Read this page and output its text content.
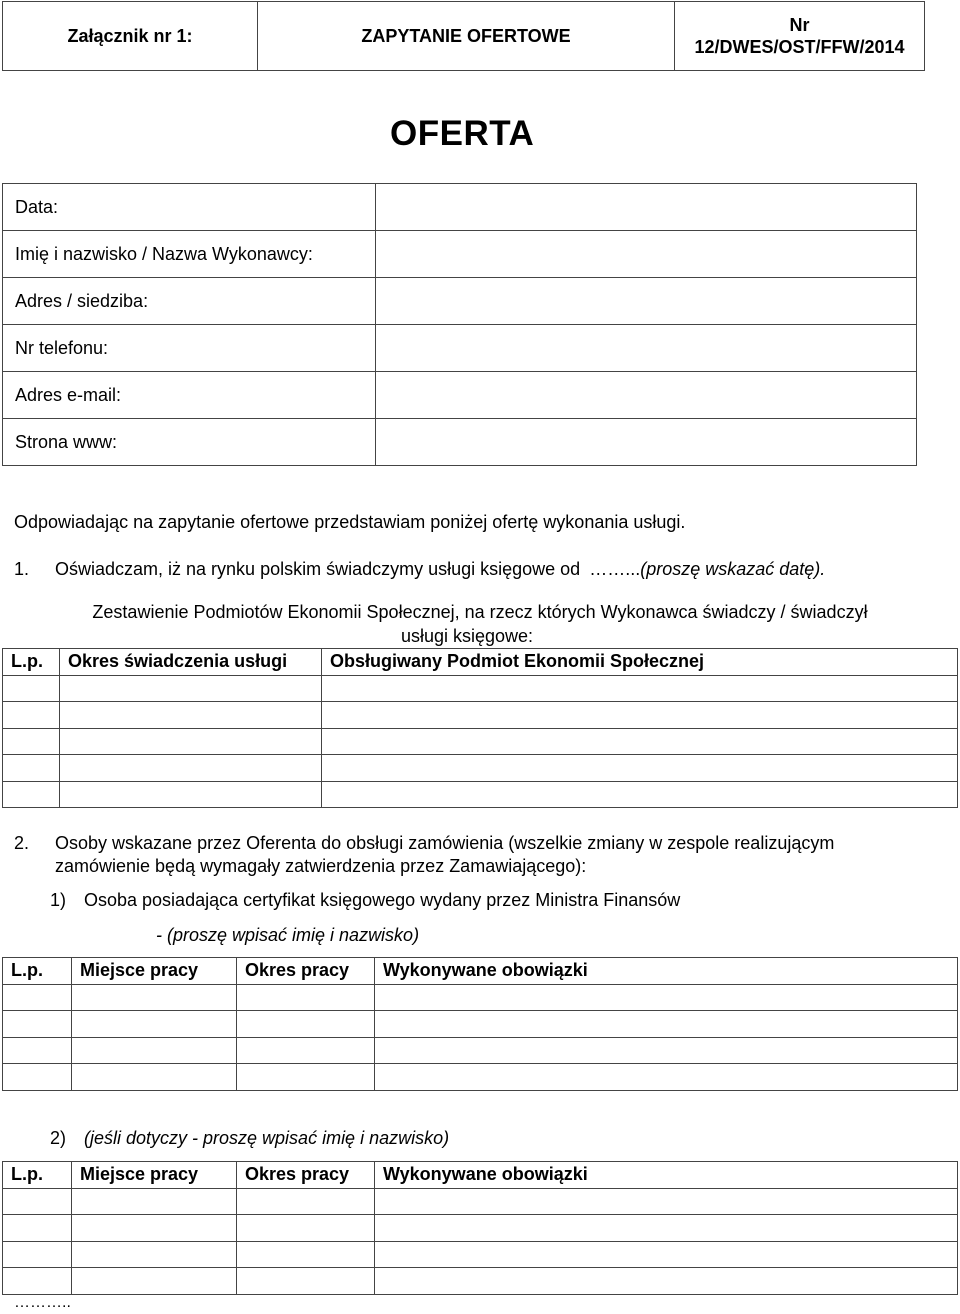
Załącznik nr 1:	ZAPYTANIE OFERTOWE	
Nr
12/DWES/OST/FFW/2014
OFERTA
Data:	
Imię i nazwisko / Nazwa Wykonawcy:	
Adres / siedziba:	
Nr telefonu:	
Adres e-mail:	
Strona www:	
Odpowiadając na zapytanie ofertowe przedstawiam poniżej ofertę wykonania usługi.
1. Oświadczam, iż na rynku polskim świadczymy usługi księgowe od ……...(proszę wskazać datę).
Zestawienie Podmiotów Ekonomii Społecznej, na rzecz których Wykonawca świadczy / świadczył
usługi księgowe:
L.p.	Okres świadczenia usługi	Obsługiwany Podmiot Ekonomii Społecznej

2. Osoby wskazane przez Oferenta do obsługi zamówienia (wszelkie zmiany w zespole realizującym
zamówienie będą wymagały zatwierdzenia przez Zamawiającego):
1) Osoba posiadająca certyfikat księgowego wydany przez Ministra Finansów
- (proszę wpisać imię i nazwisko)
L.p.	Miejsce pracy	Okres pracy	Wykonywane obowiązki

2) (jeśli dotyczy - proszę wpisać imię i nazwisko)
L.p.	Miejsce pracy	Okres pracy	Wykonywane obowiązki

………..
